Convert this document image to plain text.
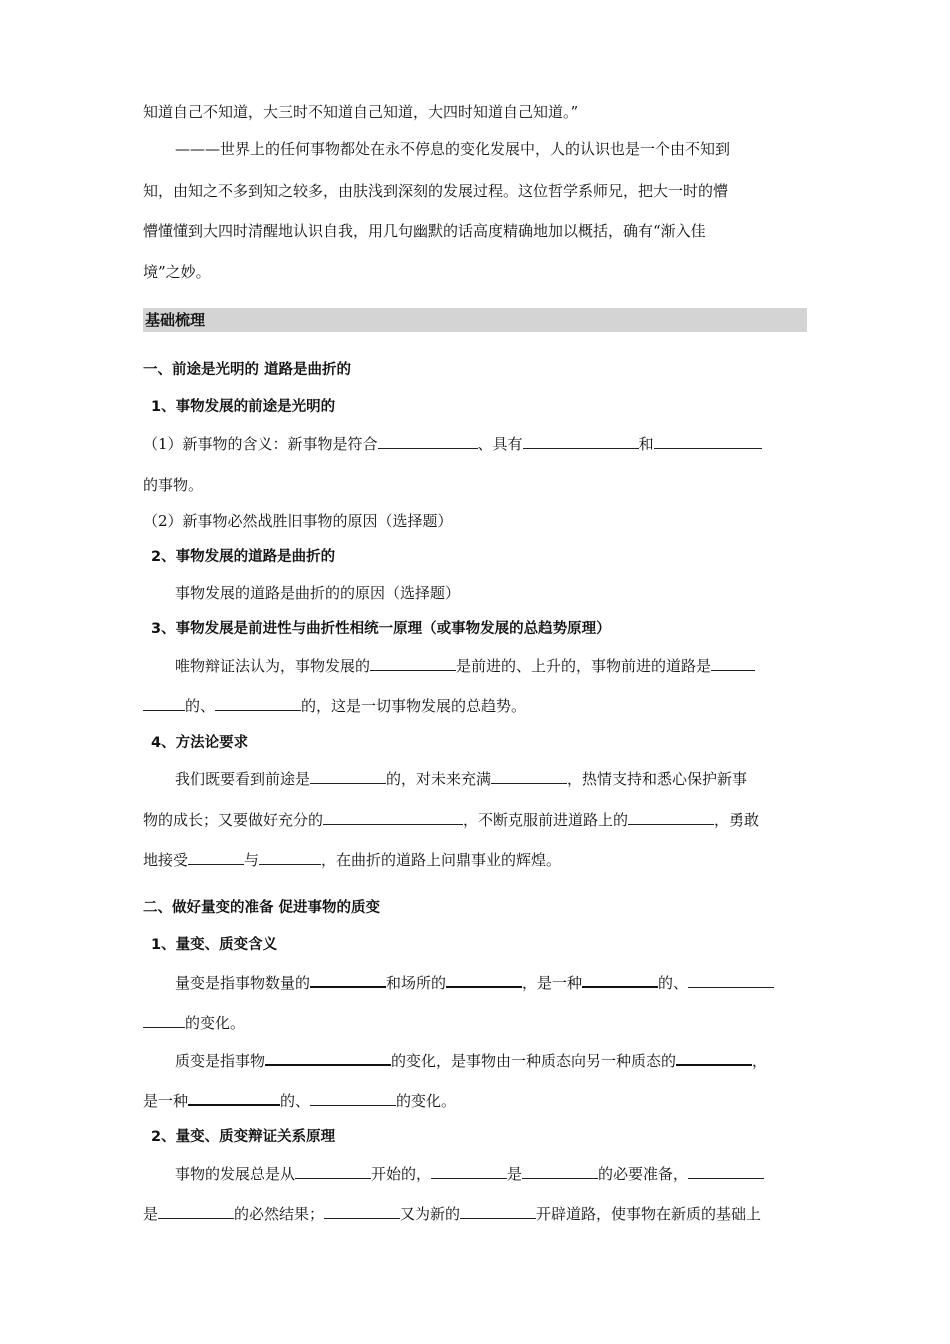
知道自己不知道，大三时不知道自己知道，大四时知道自己知道。”
———世界上的任何事物都处在永不停息的变化发展中，人的认识也是一个由不知到
知，由知之不多到知之较多，由肤浅到深刻的发展过程。这位哲学系师兄，把大一时的懵
懵懂懂到大四时清醒地认识自我，用几句幽默的话高度精确地加以概括，确有“渐入佳
境”之妙。
基础梳理
一、前途是光明的 道路是曲折的
1、事物发展的前途是光明的
（1）新事物的含义：新事物是符合	、具有	和
的事物。
（2）新事物必然战胜旧事物的原因（选择题）
2、事物发展的道路是曲折的
事物发展的道路是曲折的的原因（选择题）
3、事物发展是前进性与曲折性相统一原理（或事物发展的总趋势原理）
唯物辩证法认为，事物发展的	是前进的、上升的，事物前进的道路是
的、	的，这是一切事物发展的总趋势。
4、方法论要求
我们既要看到前途是	的，对未来充满	，热情支持和悉心保护新事
物的成长；又要做好充分的	，不断克服前进道路上的	，勇敢
地接受	与	，在曲折的道路上问鼎事业的辉煌。
二、做好量变的准备 促进事物的质变
1、量变、质变含义
量变是指事物数量的	和场所的	，是一种	的、
的变化。
质变是指事物	的变化，是事物由一种质态向另一种质态的	，
是一种	的、	的变化。
2、量变、质变辩证关系原理
事物的发展总是从	开始的，	是	的必要准备，
是	的必然结果；	又为新的	开辟道路，使事物在新质的基础上
